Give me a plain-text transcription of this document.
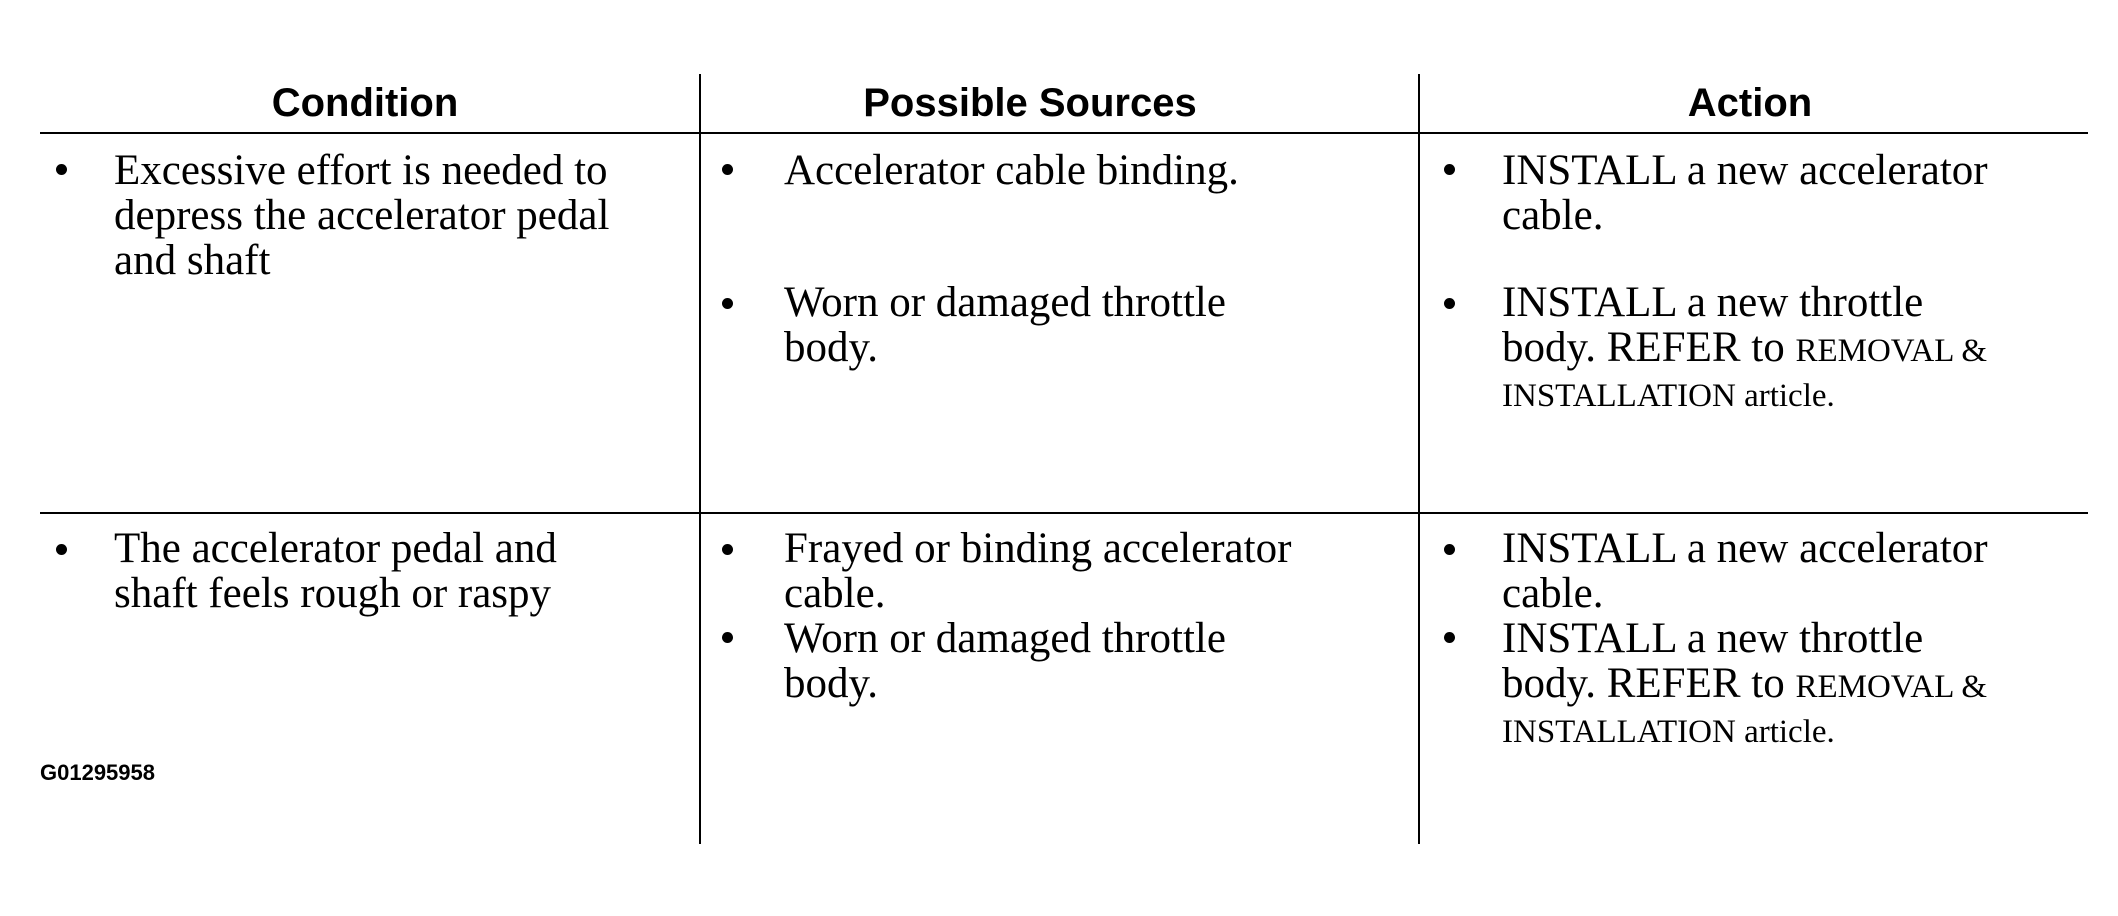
Condition	Possible Sources	Action
Excessive effort is needed to
depress the accelerator pedal
and shaft
Accelerator cable binding.
Worn or damaged throttle
body.
INSTALL a new accelerator
cable.
INSTALL a new throttle
body. REFER to REMOVAL &
INSTALLATION article.
The accelerator pedal and
shaft feels rough or raspy
Frayed or binding accelerator
cable.
Worn or damaged throttle
body.
INSTALL a new accelerator
cable.
INSTALL a new throttle
body. REFER to REMOVAL &
INSTALLATION article.
G01295958
